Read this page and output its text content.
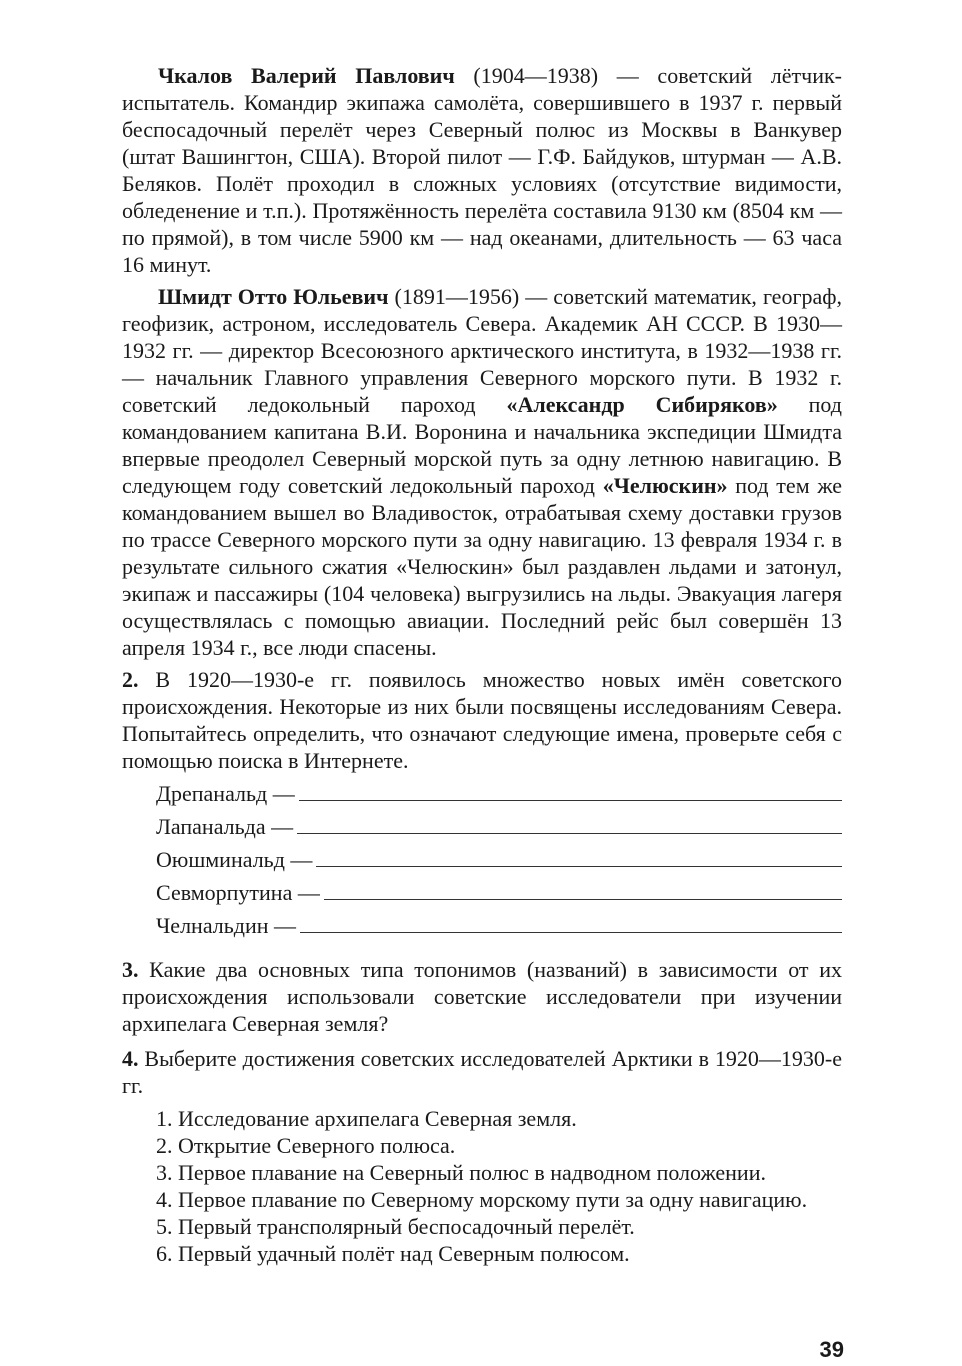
Чкалов Валерий Павлович (1904—1938) — советский лётчик-испытатель. Командир экипажа самолёта, совершившего в 1937 г. первый беспосадочный перелёт через Северный полюс из Москвы в Ванкувер (штат Вашингтон, США). Второй пилот — Г.Ф. Байдуков, штурман — А.В. Беляков. Полёт проходил в сложных условиях (отсутствие видимости, обледенение и т.п.). Протяжённость перелёта составила 9130 км (8504 км — по прямой), в том числе 5900 км — над океанами, длительность — 63 часа 16 минут.

Шмидт Отто Юльевич (1891—1956) — советский математик, географ, геофизик, астроном, исследователь Севера. Академик АН СССР. В 1930—1932 гг. — директор Всесоюзного арктического института, в 1932—1938 гг. — начальник Главного управления Северного морского пути. В 1932 г. советский ледокольный пароход «Александр Сибиряков» под командованием капитана В.И. Воронина и начальника экспедиции Шмидта впервые преодолел Северный морской путь за одну летнюю навигацию. В следующем году советский ледокольный пароход «Челюскин» под тем же командованием вышел во Владивосток, отрабатывая схему доставки грузов по трассе Северного морского пути за одну навигацию. 13 февраля 1934 г. в результате сильного сжатия «Челюскин» был раздавлен льдами и затонул, экипаж и пассажиры (104 человека) выгрузились на льды. Эвакуация лагеря осуществлялась с помощью авиации. Последний рейс был совершён 13 апреля 1934 г., все люди спасены.

2. В 1920—1930-е гг. появилось множество новых имён советского происхождения. Некоторые из них были посвящены исследованиям Севера. Попытайтесь определить, что означают следующие имена, проверьте себя с помощью поиска в Интернете.

Дрепанальд —
Лапанальда —
Оюшминальд —
Севморпутина —
Челнальдин —

3. Какие два основных типа топонимов (названий) в зависимости от их происхождения использовали советские исследователи при изучении архипелага Северная земля?

4. Выберите достижения советских исследователей Арктики в 1920—1930-е гг.

1. Исследование архипелага Северная земля.
2. Открытие Северного полюса.
3. Первое плавание на Северный полюс в надводном положении.
4. Первое плавание по Северному морскому пути за одну навигацию.
5. Первый трансполярный беспосадочный перелёт.
6. Первый удачный полёт над Северным полюсом.
39
